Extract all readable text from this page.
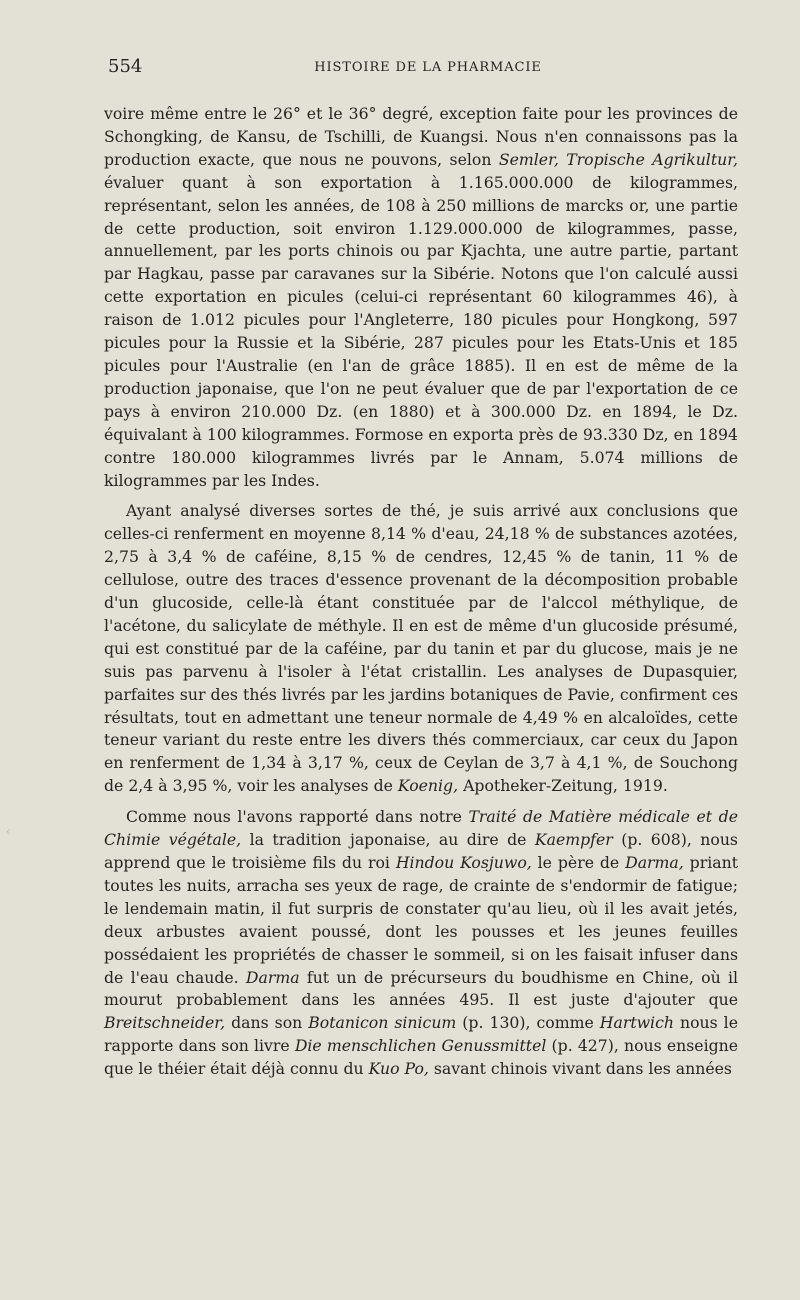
554	HISTOIRE DE LA PHARMACIE

voire même entre le 26° et le 36° degré, exception faite pour les provinces de Schongking, de Kansu, de Tschilli, de Kuangsi. Nous n'en connaissons pas la production exacte, que nous ne pouvons, selon Semler, Tropische Agrikultur, évaluer quant à son exportation à 1.165.000.000 de kilogrammes, représentant, selon les années, de 108 à 250 millions de marcks or, une partie de cette production, soit environ 1.129.000.000 de kilogrammes, passe, annuellement, par les ports chinois ou par Kjachta, une autre partie, partant par Hagkau, passe par caravanes sur la Sibérie. Notons que l'on calculé aussi cette exportation en picules (celui-ci représentant 60 kilogrammes 46), à raison de 1.012 picules pour l'Angleterre, 180 picules pour Hongkong, 597 picules pour la Russie et la Sibérie, 287 picules pour les Etats-Unis et 185 picules pour l'Australie (en l'an de grâce 1885). Il en est de même de la production japonaise, que l'on ne peut évaluer que de par l'exportation de ce pays à environ 210.000 Dz. (en 1880) et à 300.000 Dz. en 1894, le Dz. équivalant à 100 kilogrammes. Formose en exporta près de 93.330 Dz, en 1894 contre 180.000 kilogrammes livrés par le Annam, 5.074 millions de kilogrammes par les Indes.

Ayant analysé diverses sortes de thé, je suis arrivé aux conclusions que celles-ci renferment en moyenne 8,14 % d'eau, 24,18 % de substances azotées, 2,75 à 3,4 % de caféine, 8,15 % de cendres, 12,45 % de tanin, 11 % de cellulose, outre des traces d'essence provenant de la décomposition probable d'un glucoside, celle-là étant constituée par de l'alccol méthylique, de l'acétone, du salicylate de méthyle. Il en est de même d'un glucoside présumé, qui est constitué par de la caféine, par du tanin et par du glucose, mais je ne suis pas parvenu à l'isoler à l'état cristallin. Les analyses de Dupasquier, parfaites sur des thés livrés par les jardins botaniques de Pavie, confirment ces résultats, tout en admettant une teneur normale de 4,49 % en alcaloïdes, cette teneur variant du reste entre les divers thés commerciaux, car ceux du Japon en renferment de 1,34 à 3,17 %, ceux de Ceylan de 3,7 à 4,1 %, de Souchong de 2,4 à 3,95 %, voir les analyses de Koenig, Apotheker-Zeitung, 1919.

Comme nous l'avons rapporté dans notre Traité de Matière médicale et de Chimie végétale, la tradition japonaise, au dire de Kaempfer (p. 608), nous apprend que le troisième fils du roi Hindou Kosjuwo, le père de Darma, priant toutes les nuits, arracha ses yeux de rage, de crainte de s'endormir de fatigue; le lendemain matin, il fut surpris de constater qu'au lieu, où il les avait jetés, deux arbustes avaient poussé, dont les pousses et les jeunes feuilles possédaient les propriétés de chasser le sommeil, si on les faisait infuser dans de l'eau chaude. Darma fut un de précurseurs du boudhisme en Chine, où il mourut probablement dans les années 495. Il est juste d'ajouter que Breitschneider, dans son Botanicon sinicum (p. 130), comme Hartwich nous le rapporte dans son livre Die menschlichen Genussmittel (p. 427), nous enseigne que le théier était déjà connu du Kuo Po, savant chinois vivant dans les années

‹
